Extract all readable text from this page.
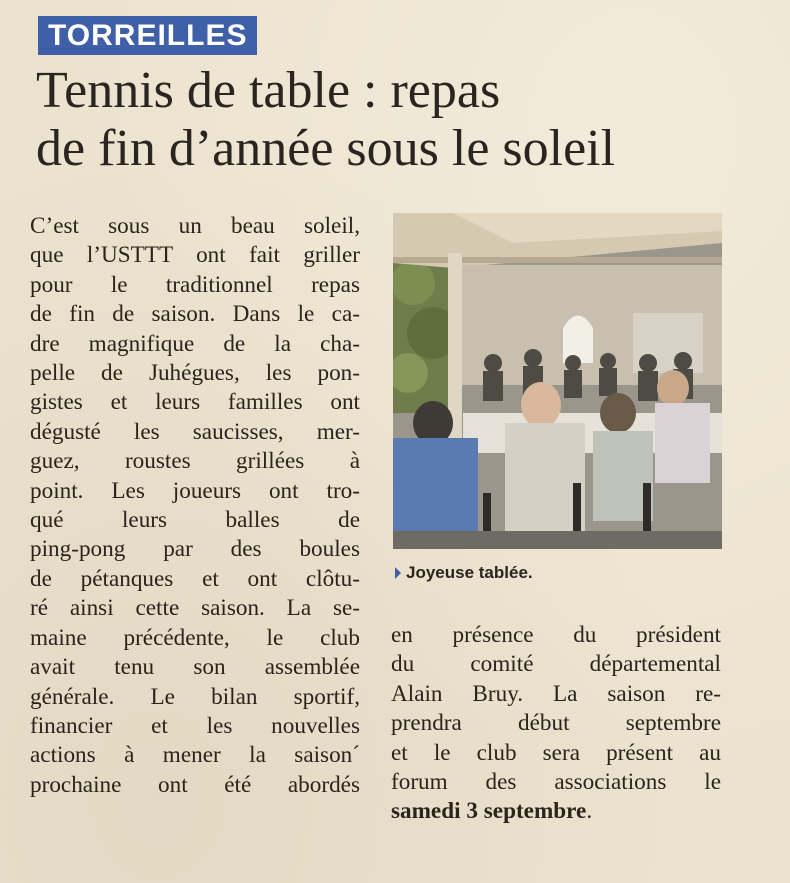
TORREILLES
Tennis de table : repas
de fin d’année sous le soleil
C’est sous un beau soleil,
que l’USTTT ont fait griller
pour le traditionnel repas
de fin de saison. Dans le ca-
dre magnifique de la cha-
pelle de Juhégues, les pon-
gistes et leurs familles ont
dégusté les saucisses, mer-
guez, roustes grillées à
point. Les joueurs ont tro-
qué leurs balles de
ping-pong par des boules
de pétanques et ont clôtu-
ré ainsi cette saison. La se-
maine précédente, le club
avait tenu son assemblée
générale. Le bilan sportif,
financier et les nouvelles
actions à mener la saison´
prochaine ont été abordés
Joyeuse tablée.
en présence du président
du comité départemental
Alain Bruy. La saison re-
prendra début septembre
et le club sera présent au
forum des associations le
samedi 3 septembre.
